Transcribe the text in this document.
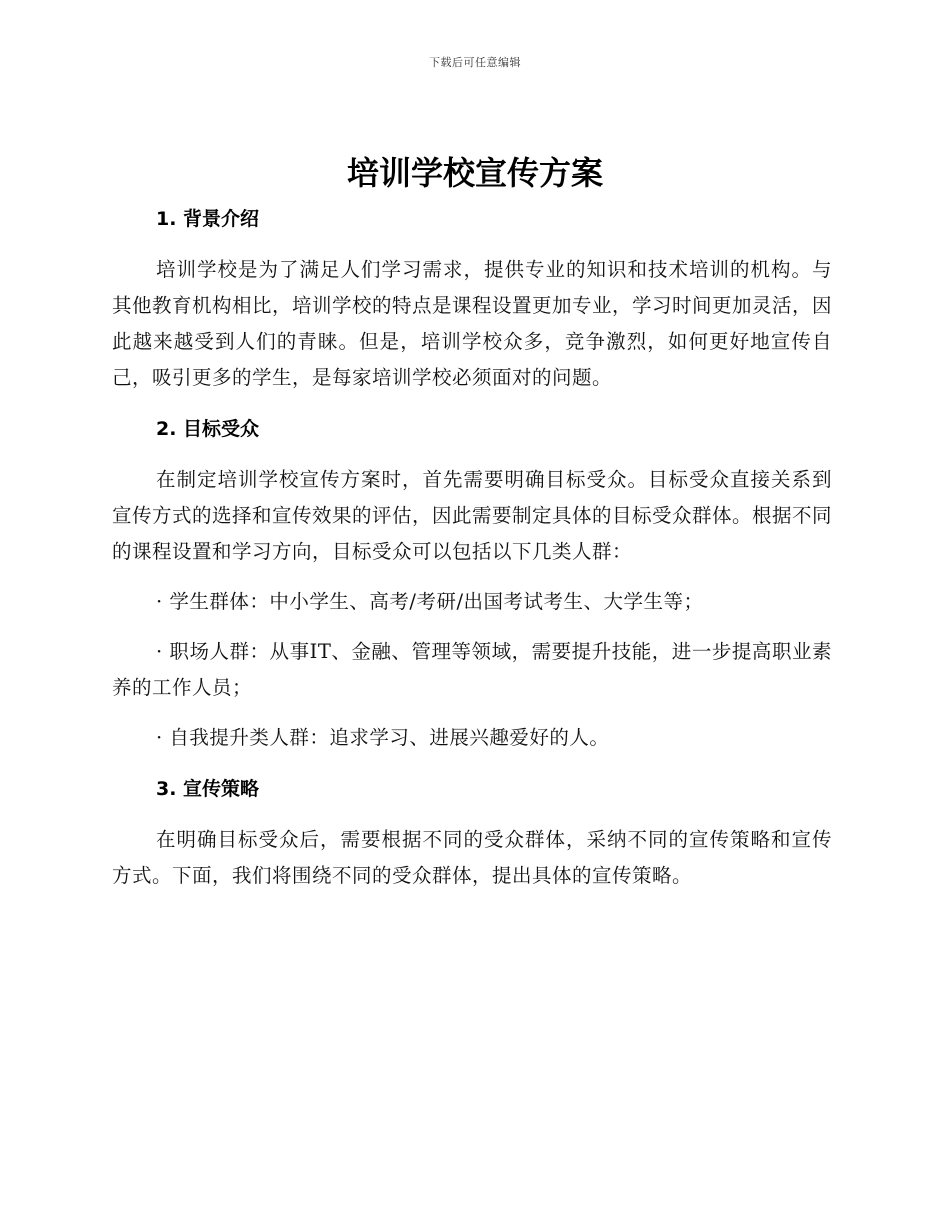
下载后可任意编辑
培训学校宣传方案
1. 背景介绍

培训学校是为了满足人们学习需求，提供专业的知识和技术培训的机构。与其他教育机构相比，培训学校的特点是课程设置更加专业，学习时间更加灵活，因此越来越受到人们的青睐。但是，培训学校众多，竞争激烈，如何更好地宣传自己，吸引更多的学生，是每家培训学校必须面对的问题。

2. 目标受众

在制定培训学校宣传方案时，首先需要明确目标受众。目标受众直接关系到宣传方式的选择和宣传效果的评估，因此需要制定具体的目标受众群体。根据不同的课程设置和学习方向，目标受众可以包括以下几类人群：

· 学生群体：中小学生、高考/考研/出国考试考生、大学生等；

· 职场人群：从事IT、金融、管理等领域，需要提升技能，进一步提高职业素养的工作人员；

· 自我提升类人群：追求学习、进展兴趣爱好的人。

3. 宣传策略

在明确目标受众后，需要根据不同的受众群体，采纳不同的宣传策略和宣传方式。下面，我们将围绕不同的受众群体，提出具体的宣传策略。
